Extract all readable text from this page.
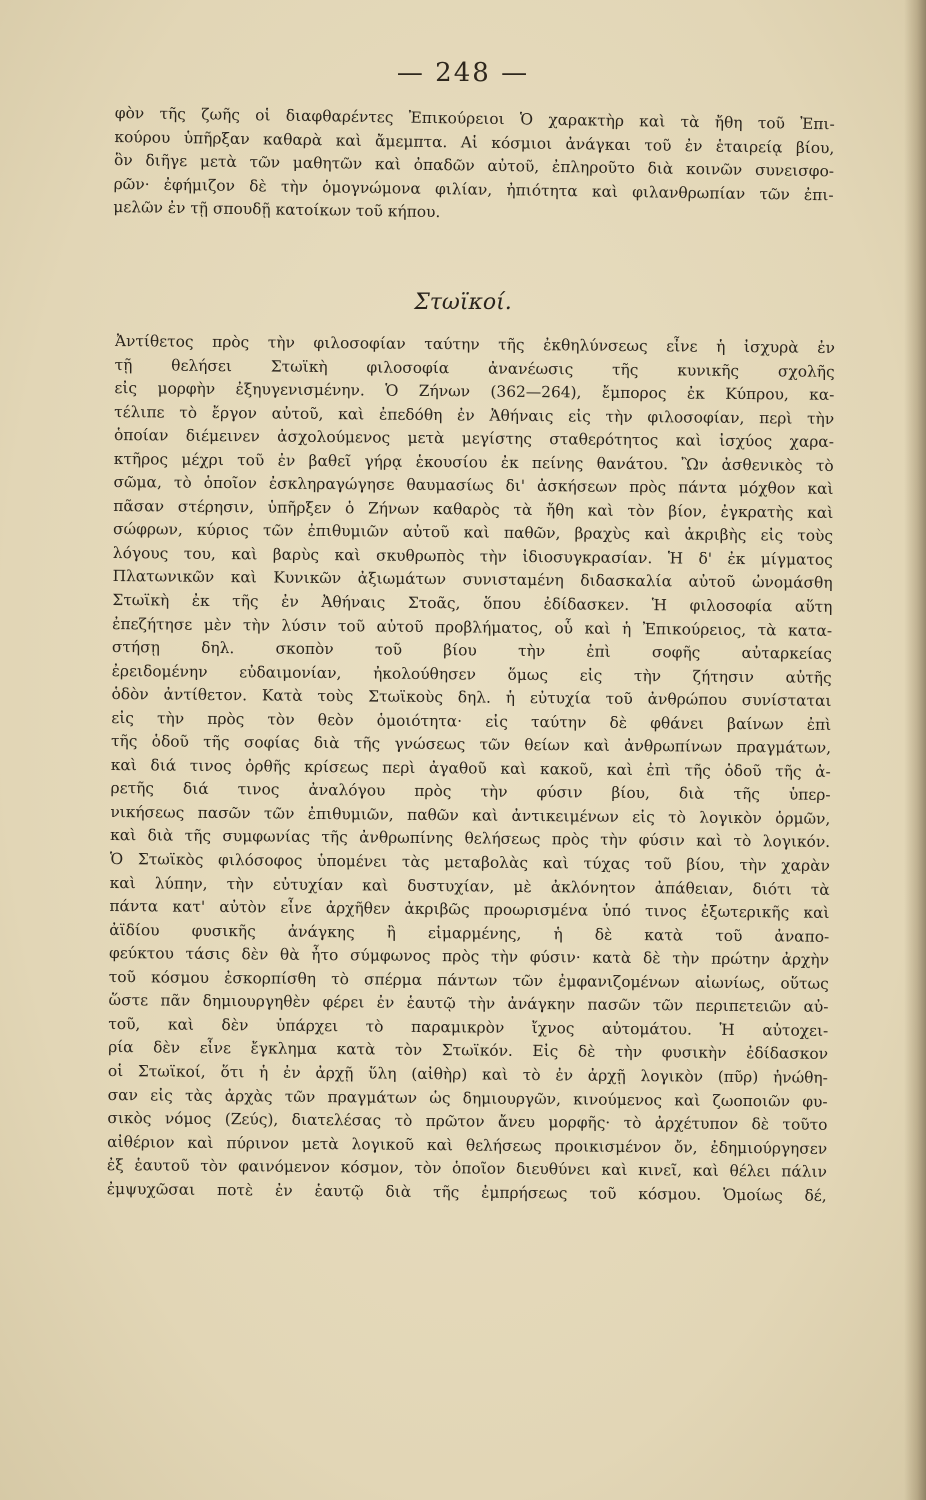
— 248 —
φὸν τῆς ζωῆς οἱ διαφθαρέντες Ἐπικούρειοι Ὁ χαρακτὴρ καὶ τὰ ἤθη τοῦ Ἐπι-
κούρου ὑπῆρξαν καθαρὰ καὶ ἄμεμπτα. Αἱ κόσμιοι ἀνάγκαι τοῦ ἐν ἑταιρείᾳ βίου,
ὃν διῆγε μετὰ τῶν μαθητῶν καὶ ὀπαδῶν αὐτοῦ, ἐπληροῦτο διὰ κοινῶν συνεισφο-
ρῶν· ἐφήμιζον δὲ τὴν ὁμογνώμονα φιλίαν, ἠπιότητα καὶ φιλανθρωπίαν τῶν ἐπι-
μελῶν ἐν τῇ σπουδῇ κατοίκων τοῦ κήπου.
Στωϊκοί.
Ἀντίθετος πρὸς τὴν φιλοσοφίαν ταύτην τῆς ἐκθηλύνσεως εἶνε ἡ ἰσχυρὰ ἐν
τῇ θελήσει Στωϊκὴ φιλοσοφία ἀνανέωσις τῆς κυνικῆς σχολῆς
εἰς μορφὴν ἐξηυγενισμένην. Ὁ Ζήνων (362—264), ἔμπορος ἐκ Κύπρου, κα-
τέλιπε τὸ ἔργον αὐτοῦ, καὶ ἐπεδόθη ἐν Ἀθήναις εἰς τὴν φιλοσοφίαν, περὶ τὴν
ὁποίαν διέμεινεν ἀσχολούμενος μετὰ μεγίστης σταθερότητος καὶ ἰσχύος χαρα-
κτῆρος μέχρι τοῦ ἐν βαθεῖ γήρᾳ ἑκουσίου ἐκ πείνης θανάτου. Ὢν ἀσθενικὸς τὸ
σῶμα, τὸ ὁποῖον ἐσκληραγώγησε θαυμασίως δι' ἀσκήσεων πρὸς πάντα μόχθον καὶ
πᾶσαν στέρησιν, ὑπῆρξεν ὁ Ζήνων καθαρὸς τὰ ἤθη καὶ τὸν βίον, ἐγκρατὴς καὶ
σώφρων, κύριος τῶν ἐπιθυμιῶν αὐτοῦ καὶ παθῶν, βραχὺς καὶ ἀκριβὴς εἰς τοὺς
λόγους του, καὶ βαρὺς καὶ σκυθρωπὸς τὴν ἰδιοσυγκρασίαν. Ἡ δ' ἐκ μίγματος
Πλατωνικῶν καὶ Κυνικῶν ἀξιωμάτων συνισταμένη διδασκαλία αὐτοῦ ὠνομάσθη
Στωϊκὴ ἐκ τῆς ἐν Ἀθήναις Στοᾶς, ὅπου ἐδίδασκεν. Ἡ φιλοσοφία αὕτη
ἐπεζήτησε μὲν τὴν λύσιν τοῦ αὐτοῦ προβλήματος, οὗ καὶ ἡ Ἐπικούρειος, τὰ κατα-
στήσῃ δηλ. σκοπὸν τοῦ βίου τὴν ἐπὶ σοφῆς αὐταρκείας
ἐρειδομένην εὐδαιμονίαν, ἠκολούθησεν ὅμως εἰς τὴν ζήτησιν αὐτῆς
ὁδὸν ἀντίθετον. Κατὰ τοὺς Στωϊκοὺς δηλ. ἡ εὐτυχία τοῦ ἀνθρώπου συνίσταται
εἰς τὴν πρὸς τὸν θεὸν ὁμοιότητα· εἰς ταύτην δὲ φθάνει βαίνων ἐπὶ
τῆς ὁδοῦ τῆς σοφίας διὰ τῆς γνώσεως τῶν θείων καὶ ἀνθρωπίνων πραγμάτων,
καὶ διά τινος ὀρθῆς κρίσεως περὶ ἀγαθοῦ καὶ κακοῦ, καὶ ἐπὶ τῆς ὁδοῦ τῆς ἀ-
ρετῆς διά τινος ἀναλόγου πρὸς τὴν φύσιν βίου, διὰ τῆς ὑπερ-
νικήσεως πασῶν τῶν ἐπιθυμιῶν, παθῶν καὶ ἀντικειμένων εἰς τὸ λογικὸν ὁρμῶν,
καὶ διὰ τῆς συμφωνίας τῆς ἀνθρωπίνης θελήσεως πρὸς τὴν φύσιν καὶ τὸ λογικόν.
Ὁ Στωϊκὸς φιλόσοφος ὑπομένει τὰς μεταβολὰς καὶ τύχας τοῦ βίου, τὴν χαρὰν
καὶ λύπην, τὴν εὐτυχίαν καὶ δυστυχίαν, μὲ ἀκλόνητον ἀπάθειαν, διότι τὰ
πάντα κατ' αὐτὸν εἶνε ἀρχῆθεν ἀκριβῶς προωρισμένα ὑπό τινος ἐξωτερικῆς καὶ
ἀϊδίου φυσικῆς ἀνάγκης ἢ εἱμαρμένης, ἡ δὲ κατὰ τοῦ ἀναπο-
φεύκτου τάσις δὲν θὰ ἦτο σύμφωνος πρὸς τὴν φύσιν· κατὰ δὲ τὴν πρώτην ἀρχὴν
τοῦ κόσμου ἐσκορπίσθη τὸ σπέρμα πάντων τῶν ἐμφανιζομένων αἰωνίως, οὕτως
ὥστε πᾶν δημιουργηθὲν φέρει ἐν ἑαυτῷ τὴν ἀνάγκην πασῶν τῶν περιπετειῶν αὐ-
τοῦ, καὶ δὲν ὑπάρχει τὸ παραμικρὸν ἴχνος αὐτομάτου. Ἡ αὐτοχει-
ρία δὲν εἶνε ἔγκλημα κατὰ τὸν Στωϊκόν. Εἰς δὲ τὴν φυσικὴν ἐδίδασκον
οἱ Στωϊκοί, ὅτι ἡ ἐν ἀρχῇ ὕλη (αἰθὴρ) καὶ τὸ ἐν ἀρχῇ λογικὸν (πῦρ) ἡνώθη-
σαν εἰς τὰς ἀρχὰς τῶν πραγμάτων ὡς δημιουργῶν, κινούμενος καὶ ζωοποιῶν φυ-
σικὸς νόμος (Ζεύς), διατελέσας τὸ πρῶτον ἄνευ μορφῆς· τὸ ἀρχέτυπον δὲ τοῦτο
αἰθέριον καὶ πύρινον μετὰ λογικοῦ καὶ θελήσεως προικισμένον ὄν, ἐδημιούργησεν
ἐξ ἑαυτοῦ τὸν φαινόμενον κόσμον, τὸν ὁποῖον διευθύνει καὶ κινεῖ, καὶ θέλει πάλιν
ἐμψυχῶσαι ποτὲ ἐν ἑαυτῷ διὰ τῆς ἐμπρήσεως τοῦ κόσμου. Ὁμοίως δέ,
